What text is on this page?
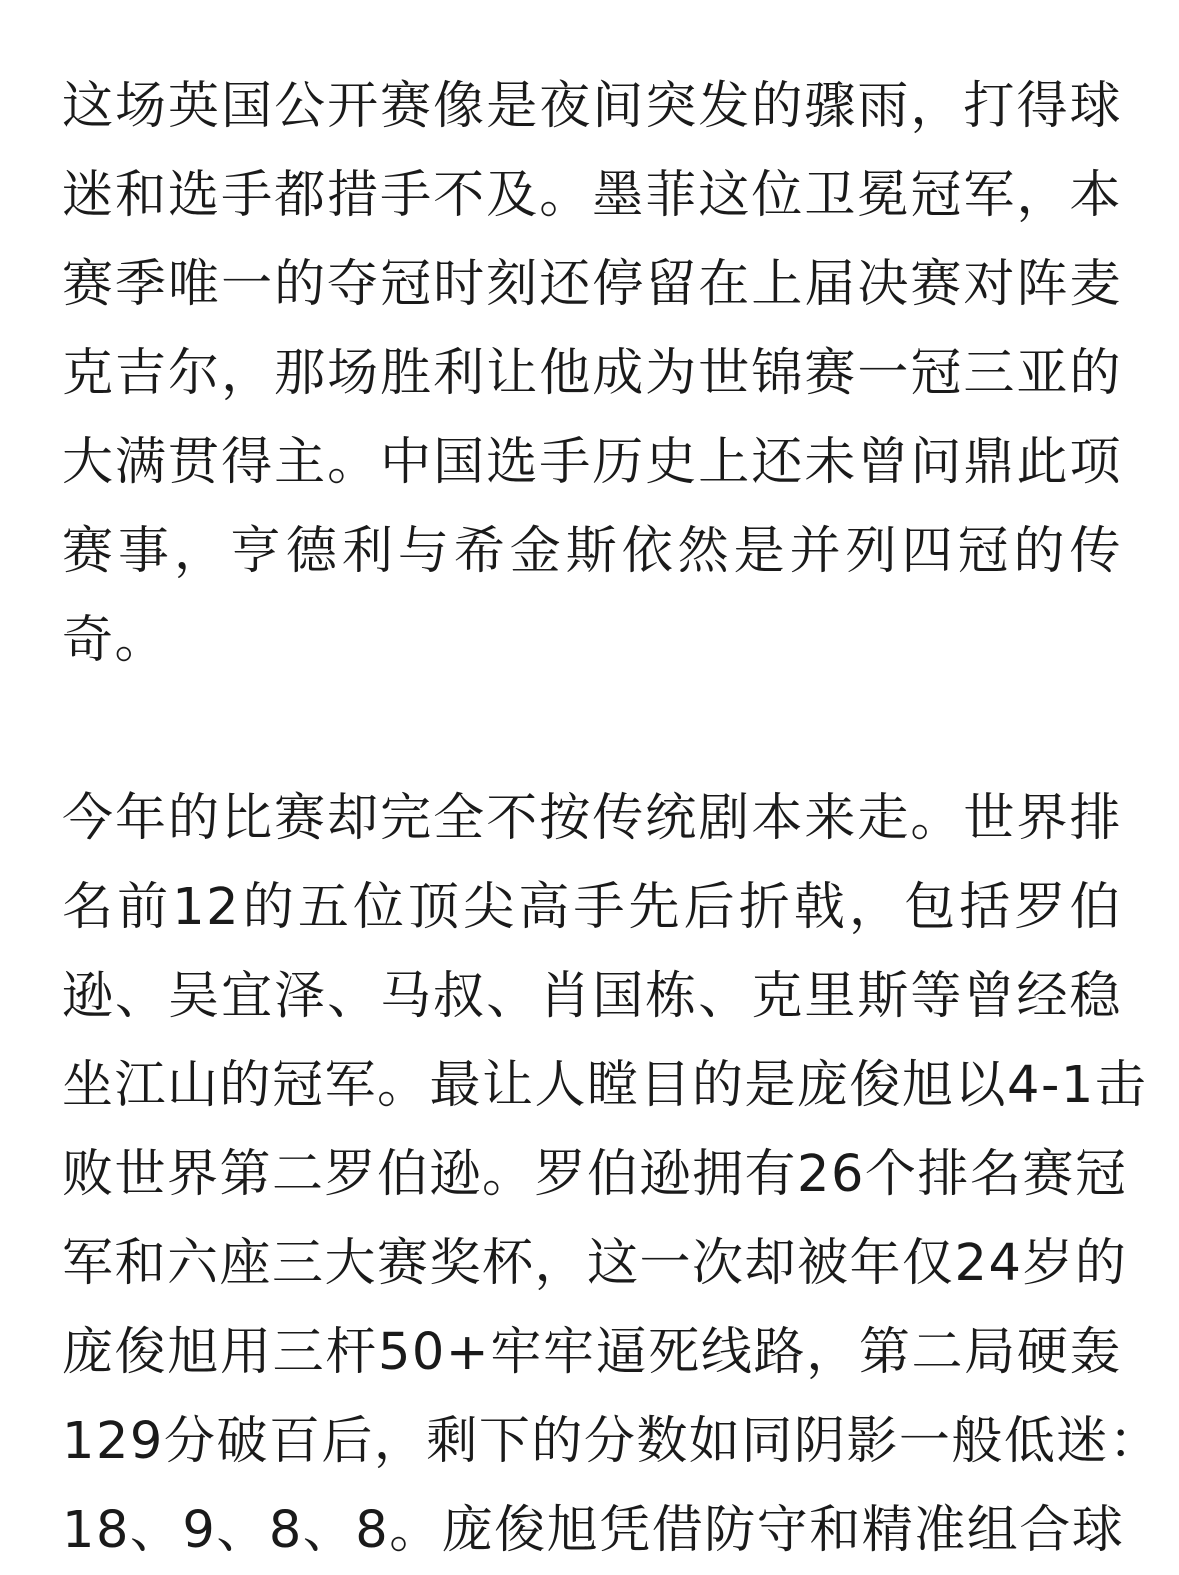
这场英国公开赛像是夜间突发的骤雨，打得球
迷和选手都措手不及。墨菲这位卫冕冠军，本
赛季唯一的夺冠时刻还停留在上届决赛对阵麦
克吉尔，那场胜利让他成为世锦赛一冠三亚的
大满贯得主。中国选手历史上还未曾问鼎此项
赛事，亨德利与希金斯依然是并列四冠的传
奇。
今年的比赛却完全不按传统剧本来走。世界排
名前12的五位顶尖高手先后折戟，包括罗伯
逊、吴宜泽、马叔、肖国栋、克里斯等曾经稳
坐江山的冠军。最让人瞠目的是庞俊旭以4-1击
败世界第二罗伯逊。罗伯逊拥有26个排名赛冠
军和六座三大赛奖杯，这一次却被年仅24岁的
庞俊旭用三杆50+牢牢逼死线路，第二局硬轰
129分破百后，剩下的分数如同阴影一般低迷：
18、9、8、8。庞俊旭凭借防守和精准组合球
